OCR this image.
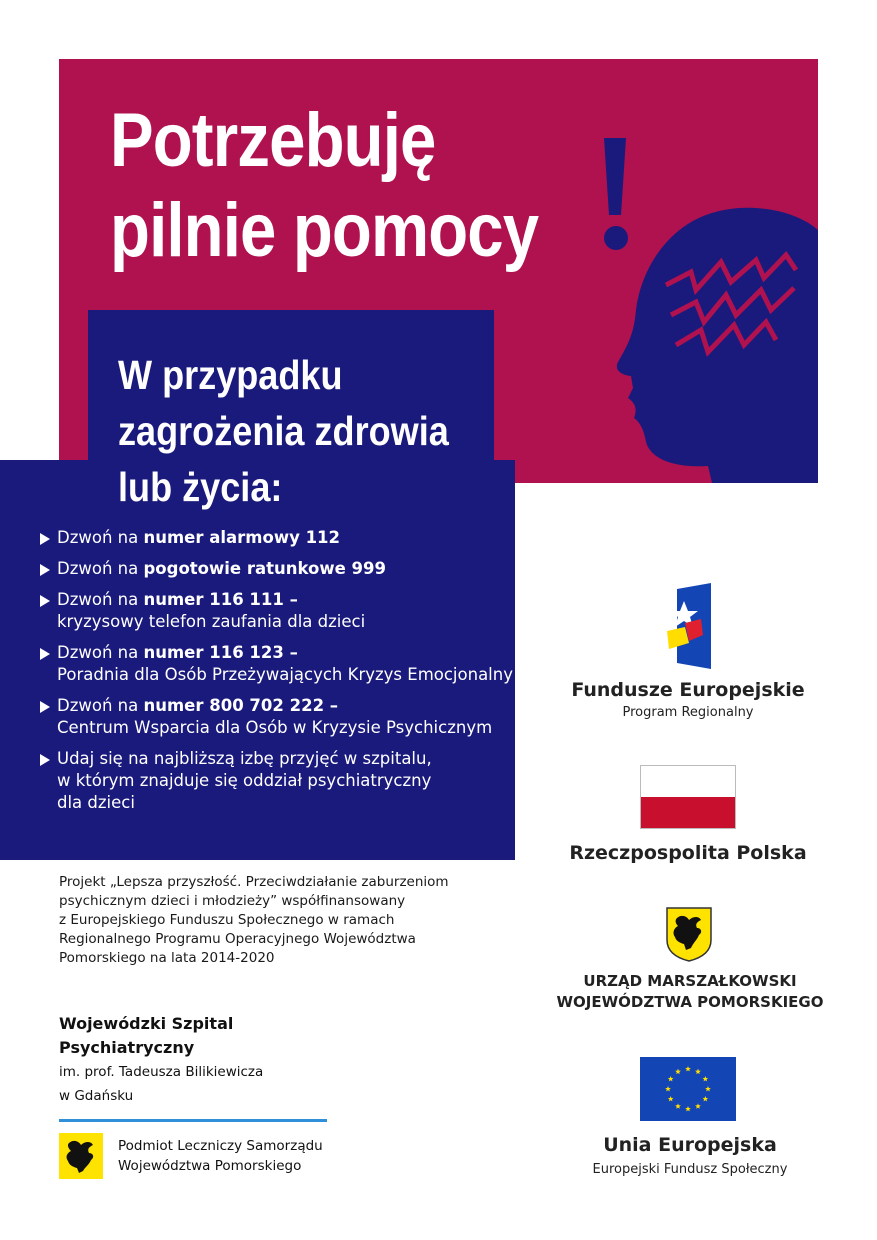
Potrzebuję
pilnie pomocy
W przypadku
zagrożenia zdrowia
lub życia:
Dzwoń na numer alarmowy 112
Dzwoń na pogotowie ratunkowe 999
Dzwoń na numer 116 111 –
kryzysowy telefon zaufania dla dzieci
Dzwoń na numer 116 123 –
Poradnia dla Osób Przeżywających Kryzys Emocjonalny
Dzwoń na numer 800 702 222 –
Centrum Wsparcia dla Osób w Kryzysie Psychicznym
Udaj się na najbliższą izbę przyjęć w szpitalu,
w którym znajduje się oddział psychiatryczny
dla dzieci

Projekt „Lepsza przyszłość. Przeciwdziałanie zaburzeniom
psychicznym dzieci i młodzieży” współfinansowany
z Europejskiego Funduszu Społecznego w ramach
Regionalnego Programu Operacyjnego Województwa
Pomorskiego na lata 2014-2020

Wojewódzki Szpital
Psychiatryczny
im. prof. Tadeusza Bilikiewicza
w Gdańsku
Podmiot Leczniczy Samorządu
Województwa Pomorskiego
Fundusze Europejskie
Program Regionalny
Rzeczpospolita Polska
URZĄD MARSZAŁKOWSKI
WOJEWÓDZTWA POMORSKIEGO
Unia Europejska
Europejski Fundusz Społeczny
